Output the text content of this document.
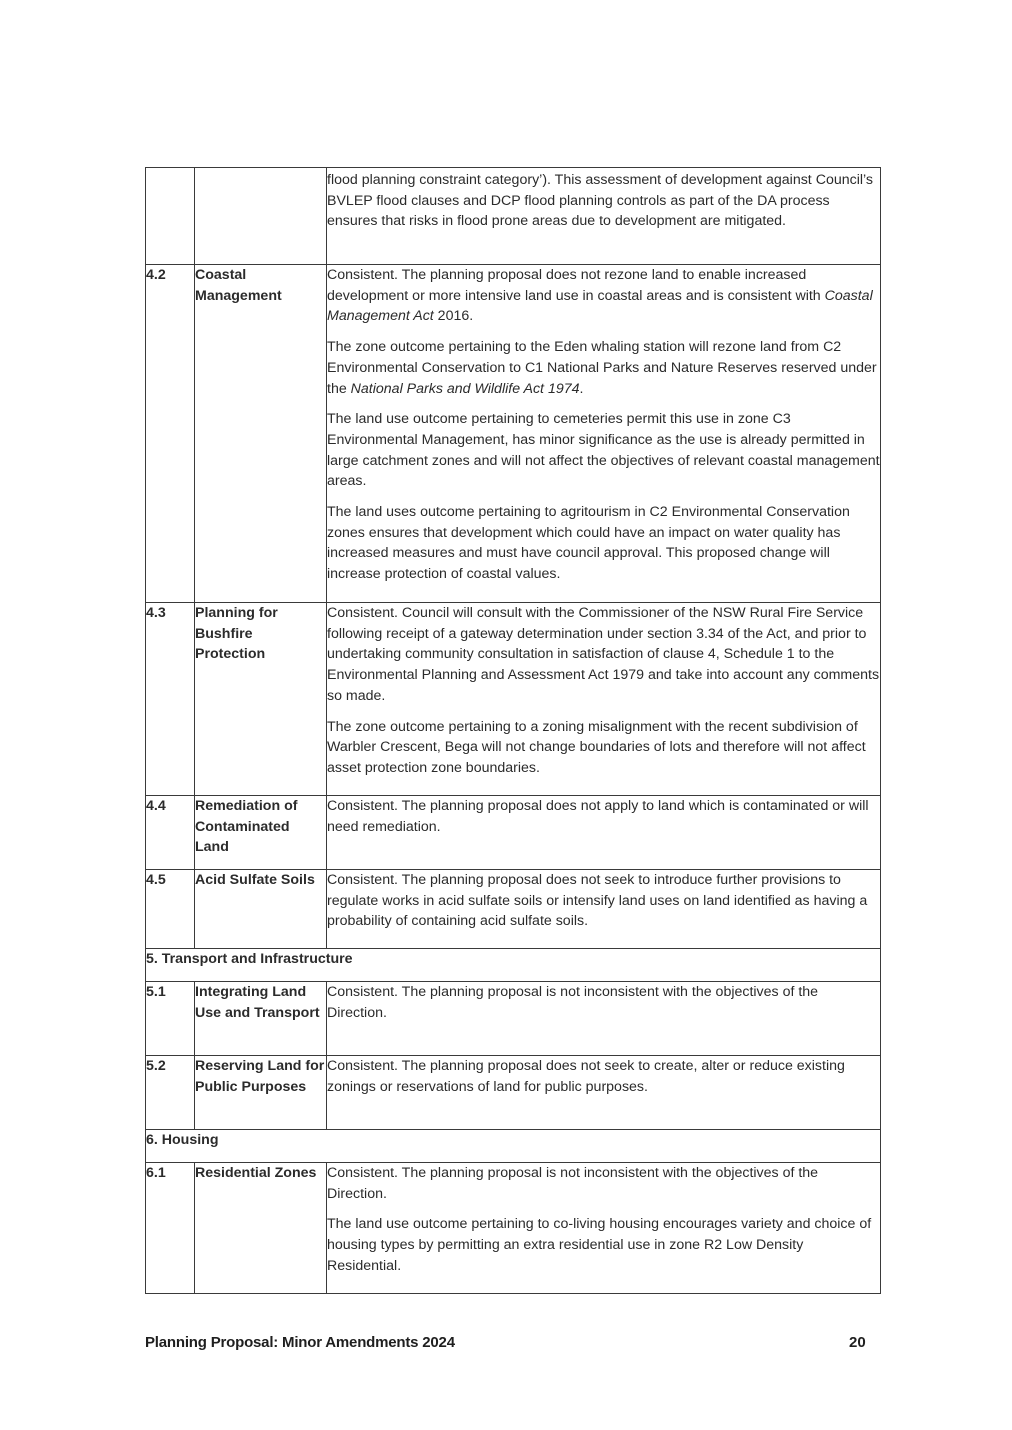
		flood planning constraint category’). This assessment of development against Council’s BVLEP flood clauses and DCP flood planning controls as part of the DA process ensures that risks in flood prone areas due to development are mitigated.

4.2	Coastal Management	Consistent. The planning proposal does not rezone land to enable increased development or more intensive land use in coastal areas and is consistent with Coastal Management Act 2016.

The zone outcome pertaining to the Eden whaling station will rezone land from C2 Environmental Conservation to C1 National Parks and Nature Reserves reserved under the National Parks and Wildlife Act 1974.

The land use outcome pertaining to cemeteries permit this use in zone C3 Environmental Management, has minor significance as the use is already permitted in large catchment zones and will not affect the objectives of relevant coastal management areas.

The land uses outcome pertaining to agritourism in C2 Environmental Conservation zones ensures that development which could have an impact on water quality has increased measures and must have council approval. This proposed change will increase protection of coastal values.

4.3	Planning for Bushfire Protection	Consistent. Council will consult with the Commissioner of the NSW Rural Fire Service following receipt of a gateway determination under section 3.34 of the Act, and prior to undertaking community consultation in satisfaction of clause 4, Schedule 1 to the Environmental Planning and Assessment Act 1979 and take into account any comments so made.

The zone outcome pertaining to a zoning misalignment with the recent subdivision of Warbler Crescent, Bega will not change boundaries of lots and therefore will not affect asset protection zone boundaries.

4.4	Remediation of Contaminated Land	Consistent. The planning proposal does not apply to land which is contaminated or will need remediation.

4.5	Acid Sulfate Soils	Consistent. The planning proposal does not seek to introduce further provisions to regulate works in acid sulfate soils or intensify land uses on land identified as having a probability of containing acid sulfate soils.

5. Transport and Infrastructure		
5.1	Integrating Land Use and Transport	Consistent. The planning proposal is not inconsistent with the objectives of the Direction.

5.2	Reserving Land for Public Purposes	Consistent. The planning proposal does not seek to create, alter or reduce existing zonings or reservations of land for public purposes.

6. Housing		
6.1	Residential Zones	Consistent. The planning proposal is not inconsistent with the objectives of the Direction.

The land use outcome pertaining to co-living housing encourages variety and choice of housing types by permitting an extra residential use in zone R2 Low Density Residential.

Planning Proposal: Minor Amendments 2024	20
